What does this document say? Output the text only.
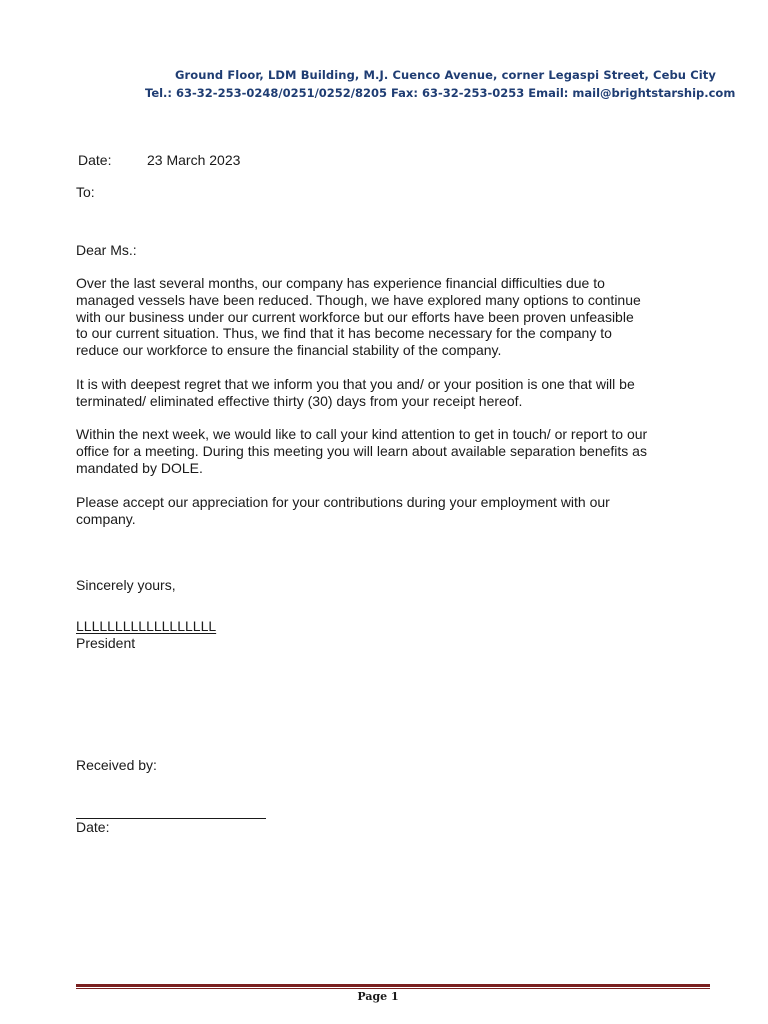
Ground Floor, LDM Building, M.J. Cuenco Avenue, corner Legaspi Street, Cebu City
Tel.: 63-32-253-0248/0251/0252/8205 Fax: 63-32-253-0253 Email: mail@brightstarship.com
Date:	23 March 2023
To:
Dear Ms.:
Over the last several months, our company has experience financial difficulties due to
managed vessels have been reduced. Though, we have explored many options to continue
with our business under our current workforce but our efforts have been proven unfeasible
to our current situation. Thus, we find that it has become necessary for the company to
reduce our workforce to ensure the financial stability of the company.
It is with deepest regret that we inform you that you and/ or your position is one that will be
terminated/ eliminated effective thirty (30) days from your receipt hereof.
Within the next week, we would like to call your kind attention to get in touch/ or report to our
office for a meeting. During this meeting you will learn about available separation benefits as
mandated by DOLE.
Please accept our appreciation for your contributions during your employment with our
company.
Sincerely yours,
LLLLLLLLLLLLLLLLLL
President
Received by:
Date:
Page 1
